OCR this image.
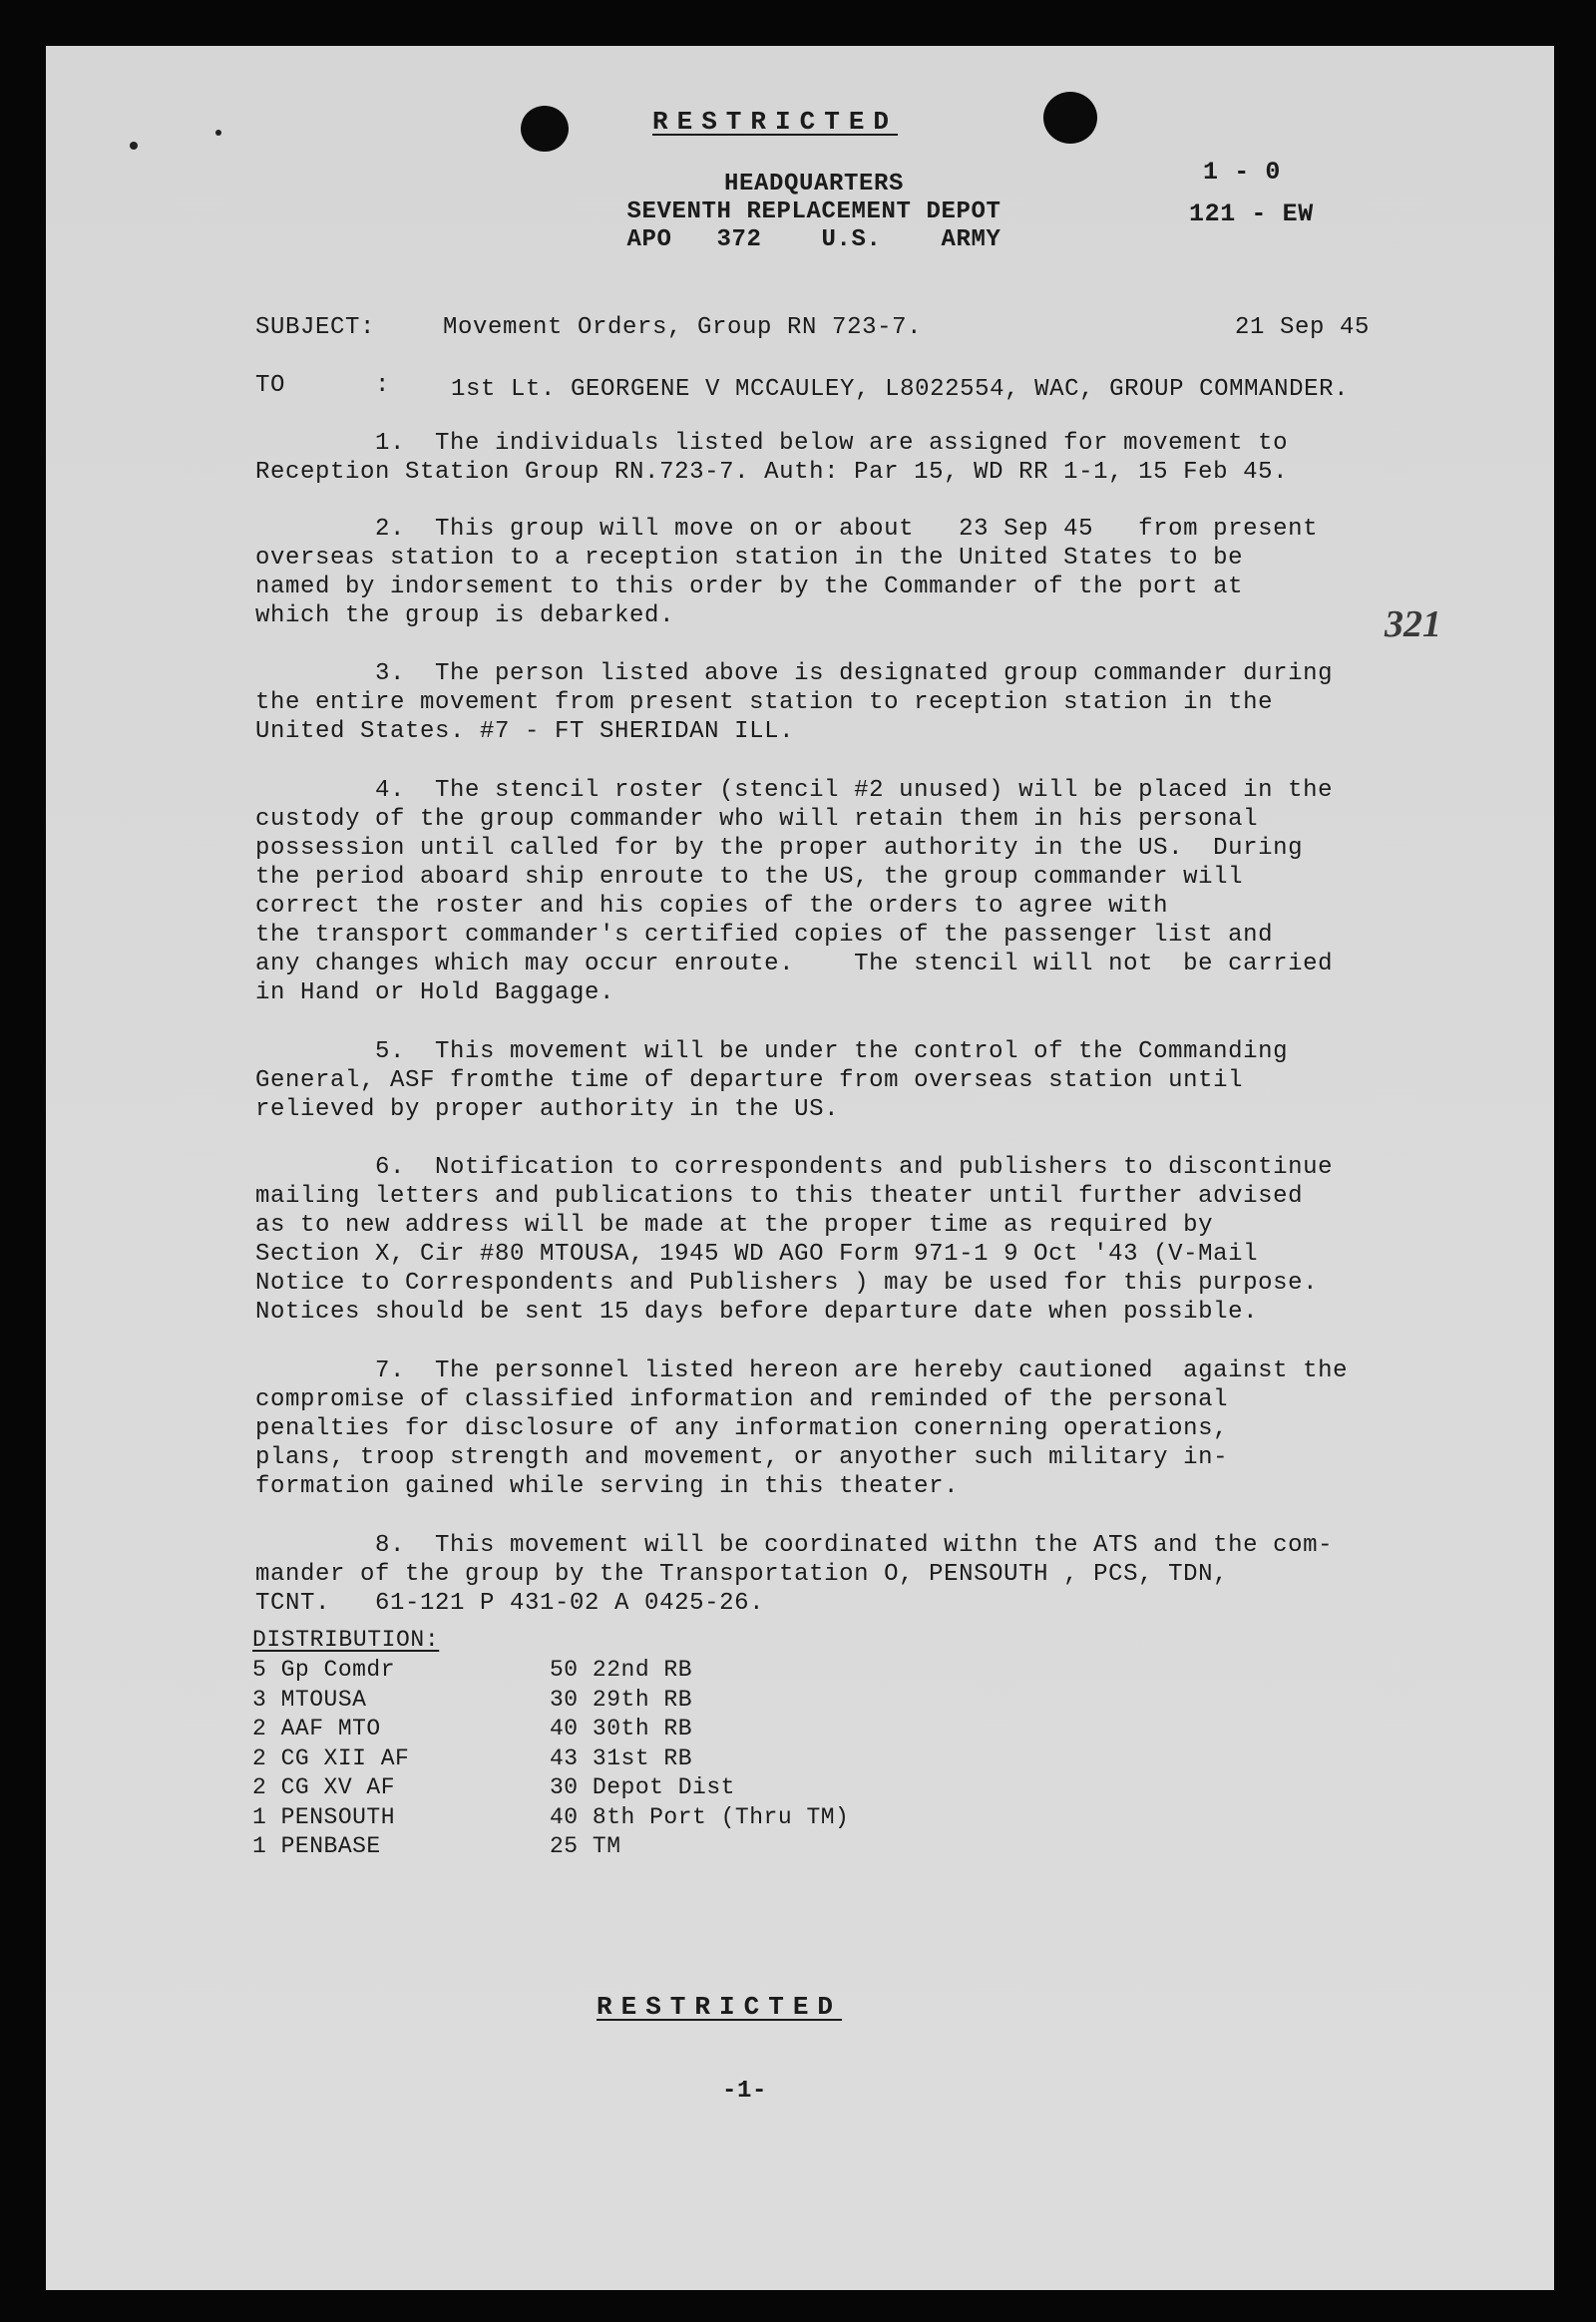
RESTRICTED

HEADQUARTERS

SEVENTH REPLACEMENT DEPOT

APO   372    U.S.    ARMY

1 - 0

121 - EW

SUBJECT:	Movement Orders, Group RN 723-7.	21 Sep 45

TO      :	1st Lt. GEORGENE V MCCAULEY, L8022554, WAC, GROUP COMMANDER.

321

1.  The individuals listed below are assigned for movement to

Reception Station Group RN.723-7. Auth: Par 15, WD RR 1-1, 15 Feb 45.

2.  This group will move on or about   23 Sep 45   from present

overseas station to a reception station in the United States to be

named by indorsement to this order by the Commander of the port at

which the group is debarked.

3.  The person listed above is designated group commander during

the entire movement from present station to reception station in the

United States. #7 - FT SHERIDAN ILL.

4.  The stencil roster (stencil #2 unused) will be placed in the

custody of the group commander who will retain them in his personal

possession until called for by the proper authority in the US.  During

the period aboard ship enroute to the US, the group commander will

correct the roster and his copies of the orders to agree with

the transport commander's certified copies of the passenger list and

any changes which may occur enroute.    The stencil will not  be carried

in Hand or Hold Baggage.

5.  This movement will be under the control of the Commanding

General, ASF fromthe time of departure from overseas station until

relieved by proper authority in the US.

6.  Notification to correspondents and publishers to discontinue

mailing letters and publications to this theater until further advised

as to new address will be made at the proper time as required by

Section X, Cir #80 MTOUSA, 1945 WD AGO Form 971-1 9 Oct '43 (V-Mail

Notice to Correspondents and Publishers ) may be used for this purpose.

Notices should be sent 15 days before departure date when possible.

7.  The personnel listed hereon are hereby cautioned  against the

compromise of classified information and reminded of the personal

penalties for disclosure of any information conerning operations,

plans, troop strength and movement, or anyother such military in-

formation gained while serving in this theater.

8.  This movement will be coordinated withn the ATS and the com-

mander of the group by the Transportation O, PENSOUTH , PCS, TDN,

TCNT.   61-121 P 431-02 A 0425-26.

DISTRIBUTION:

5 Gp Comdr	50 22nd RB
3 MTOUSA	30 29th RB
2 AAF MTO	40 30th RB
2 CG XII AF	43 31st RB
2 CG XV AF	30 Depot Dist
1 PENSOUTH	40 8th Port (Thru TM)
1 PENBASE	25 TM

RESTRICTED

-1-
